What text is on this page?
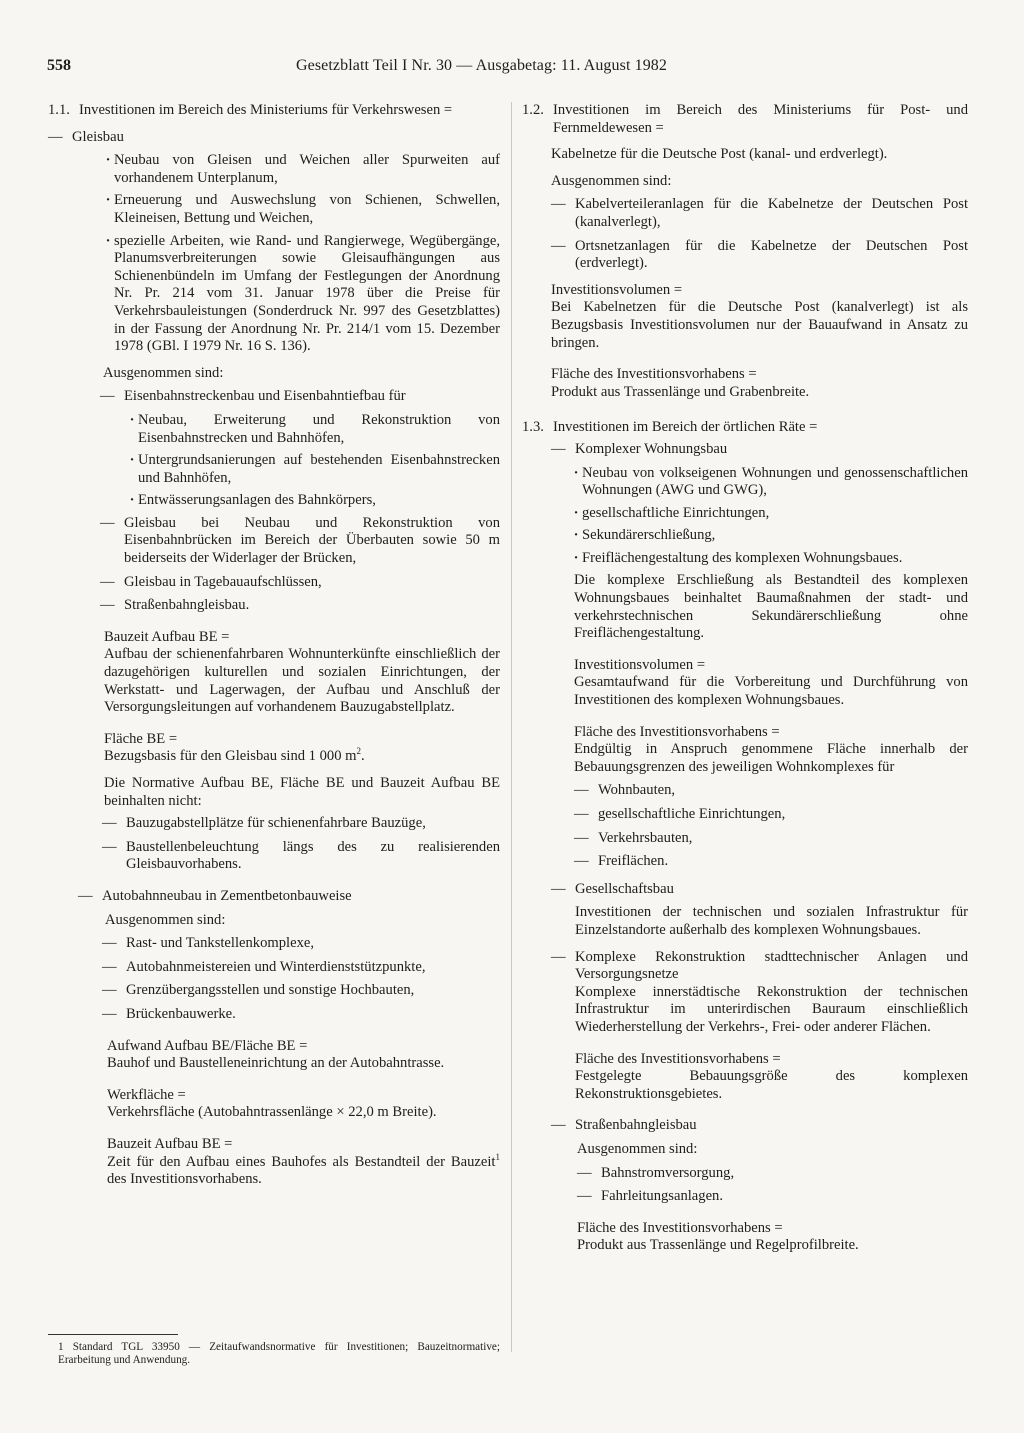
558	Gesetzblatt Teil I Nr. 30 — Ausgabetag: 11. August 1982
1.1. Investitionen im Bereich des Ministeriums für Verkehrswesen =

— Gleisbau
· Neubau von Gleisen und Weichen aller Spurweiten auf vorhandenem Unterplanum,
· Erneuerung und Auswechslung von Schienen, Schwellen, Kleineisen, Bettung und Weichen,
· spezielle Arbeiten, wie Rand- und Rangierwege, Wegübergänge, Planumsverbreiterungen sowie Gleisaufhängungen aus Schienenbündeln im Umfang der Festlegungen der Anordnung Nr. Pr. 214 vom 31. Januar 1978 über die Preise für Verkehrsbauleistungen (Sonderdruck Nr. 997 des Gesetzblattes) in der Fassung der Anordnung Nr. Pr. 214/1 vom 15. Dezember 1978 (GBl. I 1979 Nr. 16 S. 136).

Ausgenommen sind:

— Eisenbahnstreckenbau und Eisenbahntiefbau für
· Neubau, Erweiterung und Rekonstruktion von Eisenbahnstrecken und Bahnhöfen,
· Untergrundsanierungen auf bestehenden Eisenbahnstrecken und Bahnhöfen,
· Entwässerungsanlagen des Bahnkörpers,
— Gleisbau bei Neubau und Rekonstruktion von Eisenbahnbrücken im Bereich der Überbauten sowie 50 m beiderseits der Widerlager der Brücken,
— Gleisbau in Tagebauaufschlüssen,
— Straßenbahngleisbau.

Bauzeit Aufbau BE =

Aufbau der schienenfahrbaren Wohnunterkünfte einschließlich der dazugehörigen kulturellen und sozialen Einrichtungen, der Werkstatt- und Lagerwagen, der Aufbau und Anschluß der Versorgungsleitungen auf vorhandenem Bauzugabstellplatz.

Fläche BE =

Bezugsbasis für den Gleisbau sind 1 000 $m^2$.

Die Normative Aufbau BE, Fläche BE und Bauzeit Aufbau BE beinhalten nicht:

— Bauzugabstellplätze für schienenfahrbare Bauzüge,
— Baustellenbeleuchtung längs des zu realisierenden Gleisbauvorhabens.
— Autobahnneubau in Zementbetonbauweise

Ausgenommen sind:

— Rast- und Tankstellenkomplexe,
— Autobahnmeistereien und Winterdienststützpunkte,
— Grenzübergangsstellen und sonstige Hochbauten,
— Brückenbauwerke.

Aufwand Aufbau BE/Fläche BE =

Bauhof und Baustelleneinrichtung an der Autobahntrasse.

Werkfläche =

Verkehrsfläche (Autobahntrassenlänge × 22,0 m Breite).

Bauzeit Aufbau BE =

Zeit für den Aufbau eines Bauhofes als Bestandteil der Bauzeit$^1$ des Investitionsvorhabens.

1.2. Investitionen im Bereich des Ministeriums für Post- und Fernmeldewesen =

Kabelnetze für die Deutsche Post (kanal- und erdverlegt).

Ausgenommen sind:

— Kabelverteileranlagen für die Kabelnetze der Deutschen Post (kanalverlegt),
— Ortsnetzanlagen für die Kabelnetze der Deutschen Post (erdverlegt).

Investitionsvolumen =

Bei Kabelnetzen für die Deutsche Post (kanalverlegt) ist als Bezugsbasis Investitionsvolumen nur der Bauaufwand in Ansatz zu bringen.

Fläche des Investitionsvorhabens =

Produkt aus Trassenlänge und Grabenbreite.

1.3. Investitionen im Bereich der örtlichen Räte =

— Komplexer Wohnungsbau
· Neubau von volkseigenen Wohnungen und genossenschaftlichen Wohnungen (AWG und GWG),
· gesellschaftliche Einrichtungen,
· Sekundärerschließung,
· Freiflächengestaltung des komplexen Wohnungsbaues.

Die komplexe Erschließung als Bestandteil des komplexen Wohnungsbaues beinhaltet Baumaßnahmen der stadt- und verkehrstechnischen Sekundärerschließung ohne Freiflächengestaltung.

Investitionsvolumen =

Gesamtaufwand für die Vorbereitung und Durchführung von Investitionen des komplexen Wohnungsbaues.

Fläche des Investitionsvorhabens =

Endgültig in Anspruch genommene Fläche innerhalb der Bebauungsgrenzen des jeweiligen Wohnkomplexes für

— Wohnbauten,
— gesellschaftliche Einrichtungen,
— Verkehrsbauten,
— Freiflächen.
— Gesellschaftsbau

Investitionen der technischen und sozialen Infrastruktur für Einzelstandorte außerhalb des komplexen Wohnungsbaues.

— Komplexe Rekonstruktion stadttechnischer Anlagen und Versorgungsnetze

Komplexe innerstädtische Rekonstruktion der technischen Infrastruktur im unterirdischen Bauraum einschließlich Wiederherstellung der Verkehrs-, Frei- oder anderer Flächen.

Fläche des Investitionsvorhabens =

Festgelegte Bebauungsgröße des komplexen Rekonstruktionsgebietes.

— Straßenbahngleisbau

Ausgenommen sind:

— Bahnstromversorgung,
— Fahrleitungsanlagen.

Fläche des Investitionsvorhabens =

Produkt aus Trassenlänge und Regelprofilbreite.

1 Standard TGL 33950 — Zeitaufwandsnormative für Investitionen; Bauzeitnormative; Erarbeitung und Anwendung.
